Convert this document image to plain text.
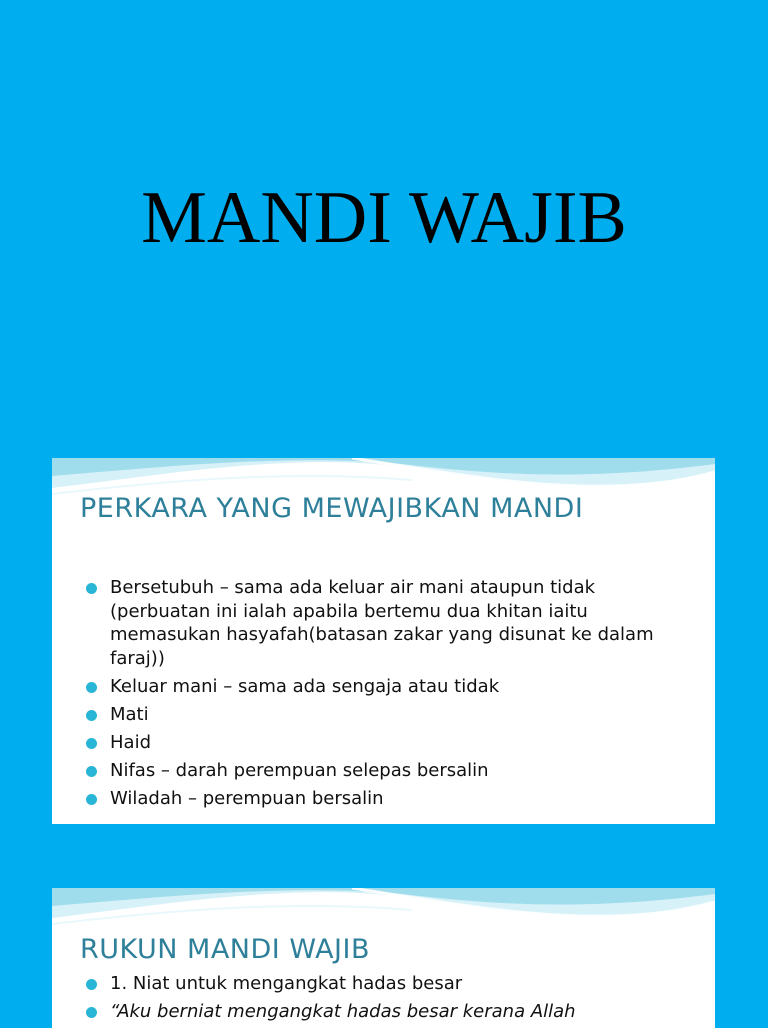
MANDI WAJIB
PERKARA YANG MEWAJIBKAN MANDI
Bersetubuh – sama ada keluar air mani ataupun tidak (perbuatan ini ialah apabila bertemu dua khitan iaitu memasukan hasyafah(batasan zakar yang disunat ke dalam faraj))
Keluar mani – sama ada sengaja atau tidak
Mati
Haid
Nifas – darah perempuan selepas bersalin
Wiladah – perempuan bersalin
RUKUN MANDI WAJIB
1. Niat untuk mengangkat hadas besar
“Aku berniat mengangkat hadas besar kerana Allah
